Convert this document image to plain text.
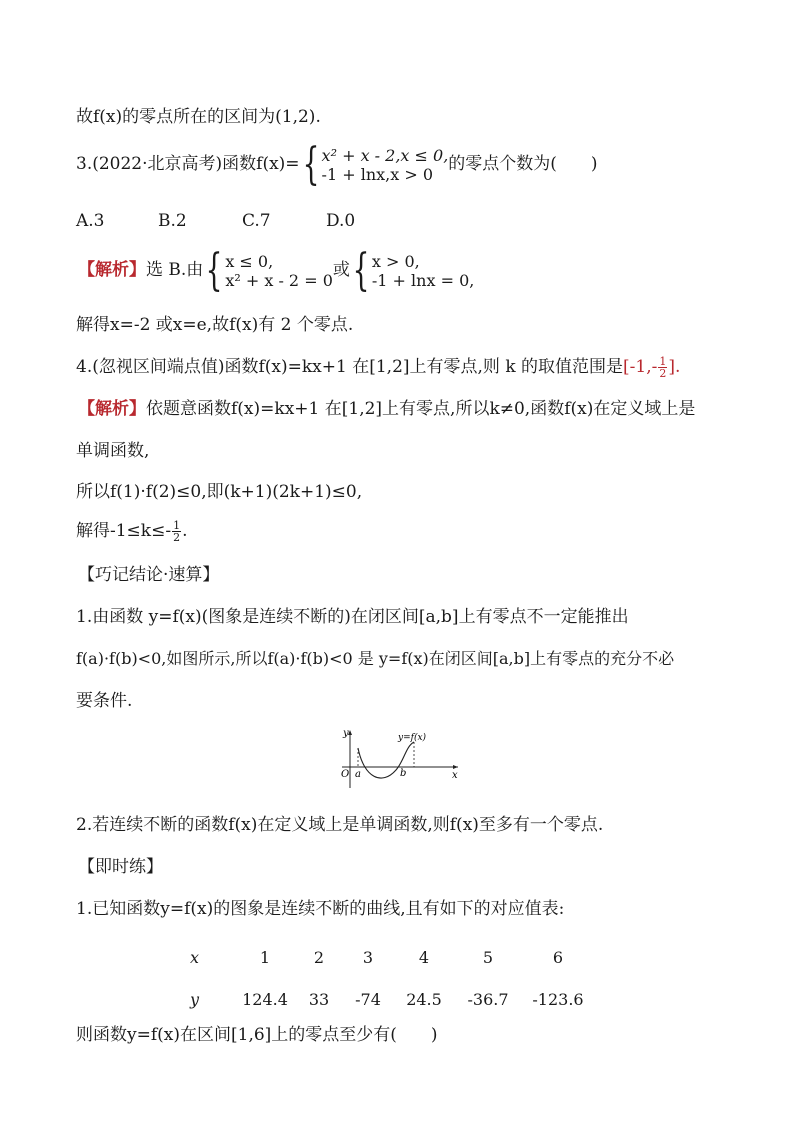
故f(x)的零点所在的区间为(1,2).
3.(2022·北京高考)函数f(x)={ x² + x - 2,x ≤ 0,
-1 + lnx,x > 0
的零点个数为(　　)
A.3	B.2	C.7	D.0
【解析】选 B.由{ x ≤ 0,
x² + x - 2 = 0
或{ x > 0,
-1 + lnx = 0,
解得x=-2 或x=e,故f(x)有 2 个零点.
4.(忽视区间端点值)函数f(x)=kx+1 在[1,2]上有零点,则 k 的取值范围是[$-1,- \frac{1}{2}$ ].
【解析】依题意函数f(x)=kx+1 在[1,2]上有零点,所以k≠0,函数f(x)在定义域上是
单调函数,
所以f(1)·f(2)≤0,即(k+1)(2k+1)≤0,
解得$-1\le k\le- \frac{1}{2}$ .
【巧记结论·速算】
1.由函数 y=f(x)(图象是连续不断的)在闭区间[a,b]上有零点不一定能推出
f(a)·f(b)<0,如图所示,所以f(a)·f(b)<0 是 y=f(x)在闭区间[a,b]上有零点的充分不必
要条件.
y
x
O a	b
y=f(x)
2.若连续不断的函数f(x)在定义域上是单调函数,则f(x)至多有一个零点.
【即时练】
1.已知函数y=f(x)的图象是连续不断的曲线,且有如下的对应值表:
x	1	2	3	4	5	6
y	124.4	33	-74	24.5	-36.7	-123.6
则函数y=f(x)在区间[1,6]上的零点至少有(　　)
